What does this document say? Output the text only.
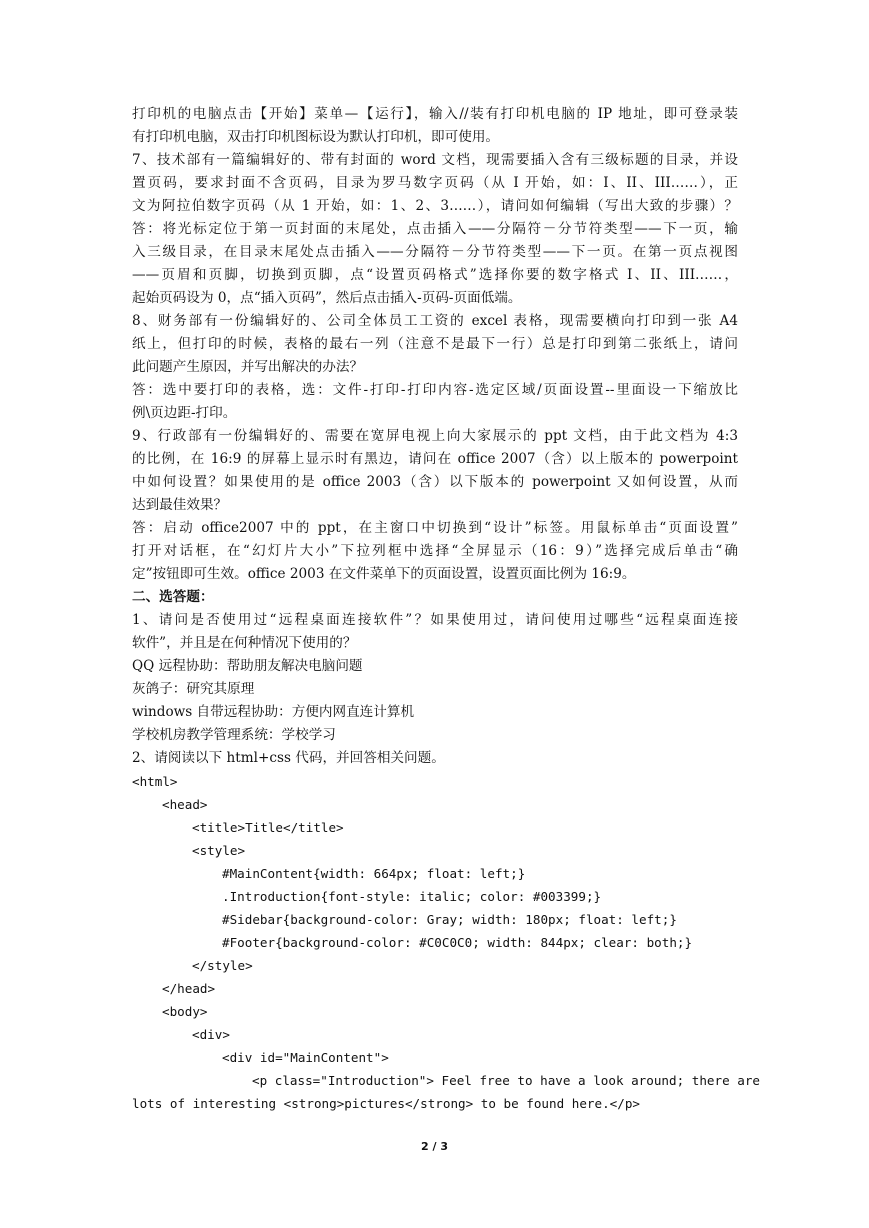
打印机的电脑点击【开始】菜单—【运行】，输入//装有打印机电脑的 IP 地址，即可登录装
有打印机电脑，双击打印机图标设为默认打印机，即可使用。
7、技术部有一篇编辑好的、带有封面的 word 文档，现需要插入含有三级标题的目录，并设
置页码，要求封面不含页码，目录为罗马数字页码（从 I 开始，如：I、II、III……），正
文为阿拉伯数字页码（从 1 开始，如：1、2、3……），请问如何编辑（写出大致的步骤）？
答：将光标定位于第一页封面的末尾处，点击插入——分隔符－分节符类型——下一页，输
入三级目录，在目录末尾处点击插入——分隔符－分节符类型——下一页。在第一页点视图
——页眉和页脚，切换到页脚，点“设置页码格式”选择你要的数字格式 I、II、III……，
起始页码设为 0，点“插入页码”，然后点击插入-页码-页面低端。
8、财务部有一份编辑好的、公司全体员工工资的 excel 表格，现需要横向打印到一张 A4
纸上，但打印的时候，表格的最右一列（注意不是最下一行）总是打印到第二张纸上，请问
此问题产生原因，并写出解决的办法？
答：选中要打印的表格，选：文件-打印-打印内容-选定区域/页面设置--里面设一下缩放比
例\页边距-打印。
9、行政部有一份编辑好的、需要在宽屏电视上向大家展示的 ppt 文档，由于此文档为 4:3
的比例，在 16:9 的屏幕上显示时有黑边，请问在 office 2007（含）以上版本的 powerpoint
中如何设置？如果使用的是 office 2003（含）以下版本的 powerpoint 又如何设置，从而
达到最佳效果？
答：启动 office2007 中的 ppt，在主窗口中切换到“设计”标签。用鼠标单击“页面设置”
打开对话框，在“幻灯片大小”下拉列框中选择“全屏显示（16：9）”选择完成后单击“确
定”按钮即可生效。office 2003 在文件菜单下的页面设置，设置页面比例为 16:9。
二、选答题：
1、请问是否使用过“远程桌面连接软件”？如果使用过，请问使用过哪些“远程桌面连接
软件”，并且是在何种情况下使用的？
QQ 远程协助：帮助朋友解决电脑问题
灰鸽子：研究其原理
windows 自带远程协助：方便内网直连计算机
学校机房教学管理系统：学校学习
2、请阅读以下 html+css 代码，并回答相关问题。
<html>
<head>
<title>Title</title>
<style>
#MainContent{width: 664px; float: left;}
.Introduction{font-style: italic; color: #003399;}
#Sidebar{background-color: Gray; width: 180px; float: left;}
#Footer{background-color: #C0C0C0; width: 844px; clear: both;}
</style>
</head>
<body>
<div>
<div id="MainContent">
<p class="Introduction"> Feel free to have a look around; there are
lots of interesting <strong>pictures</strong> to be found here.</p>
2 / 3
